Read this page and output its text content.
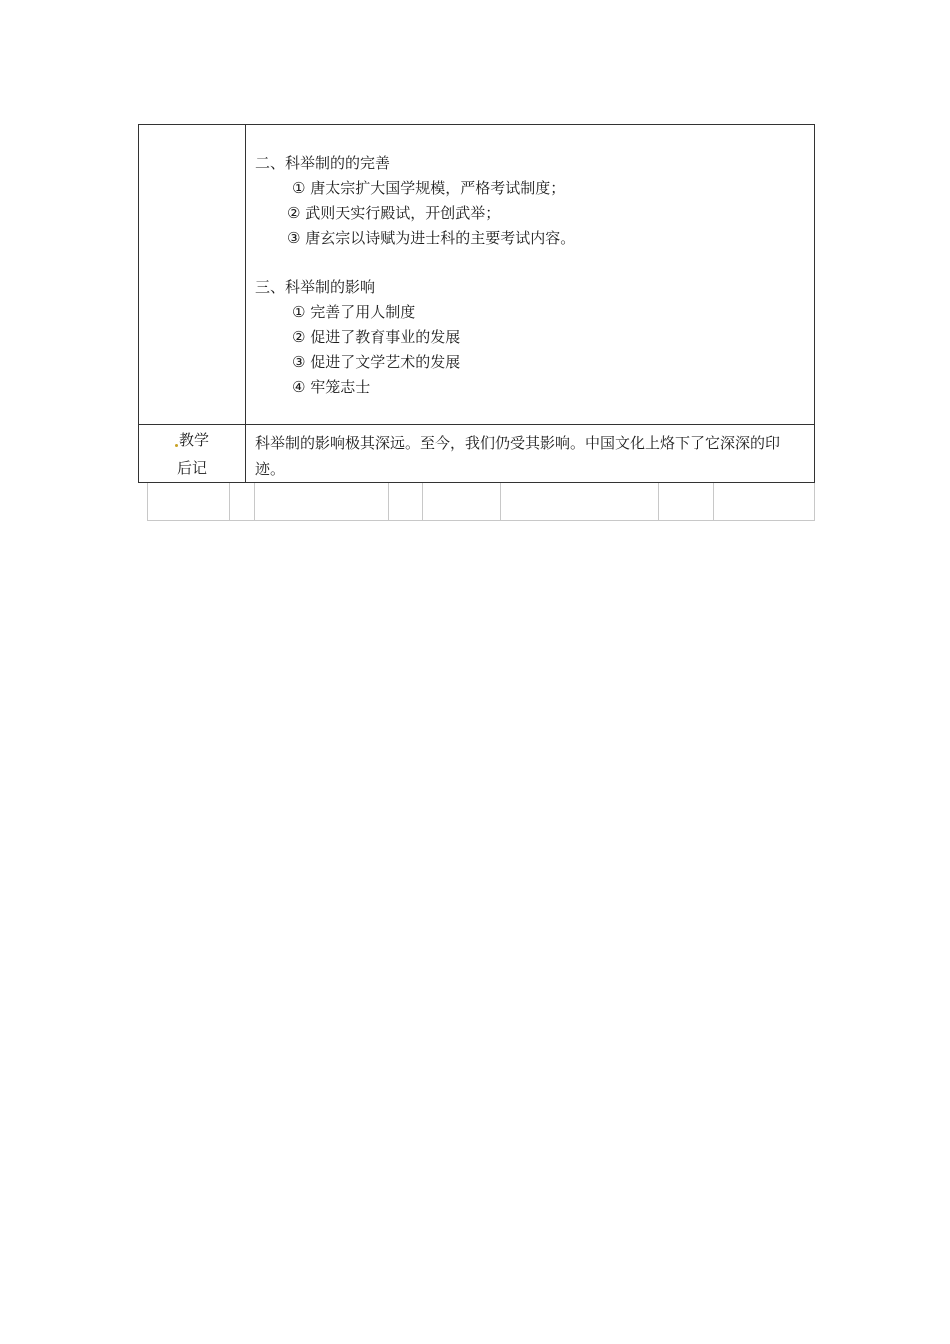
二、科举制的的完善
① 唐太宗扩大国学规模，严格考试制度；
② 武则天实行殿试，开创武举；
③ 唐玄宗以诗赋为进士科的主要考试内容。
三、科举制的影响
① 完善了用人制度
② 促进了教育事业的发展
③ 促进了文学艺术的发展
④ 牢笼志士
教学
后记
科举制的影响极其深远。至今，我们仍受其影响。中国文化上烙下了它深深的印迹。
